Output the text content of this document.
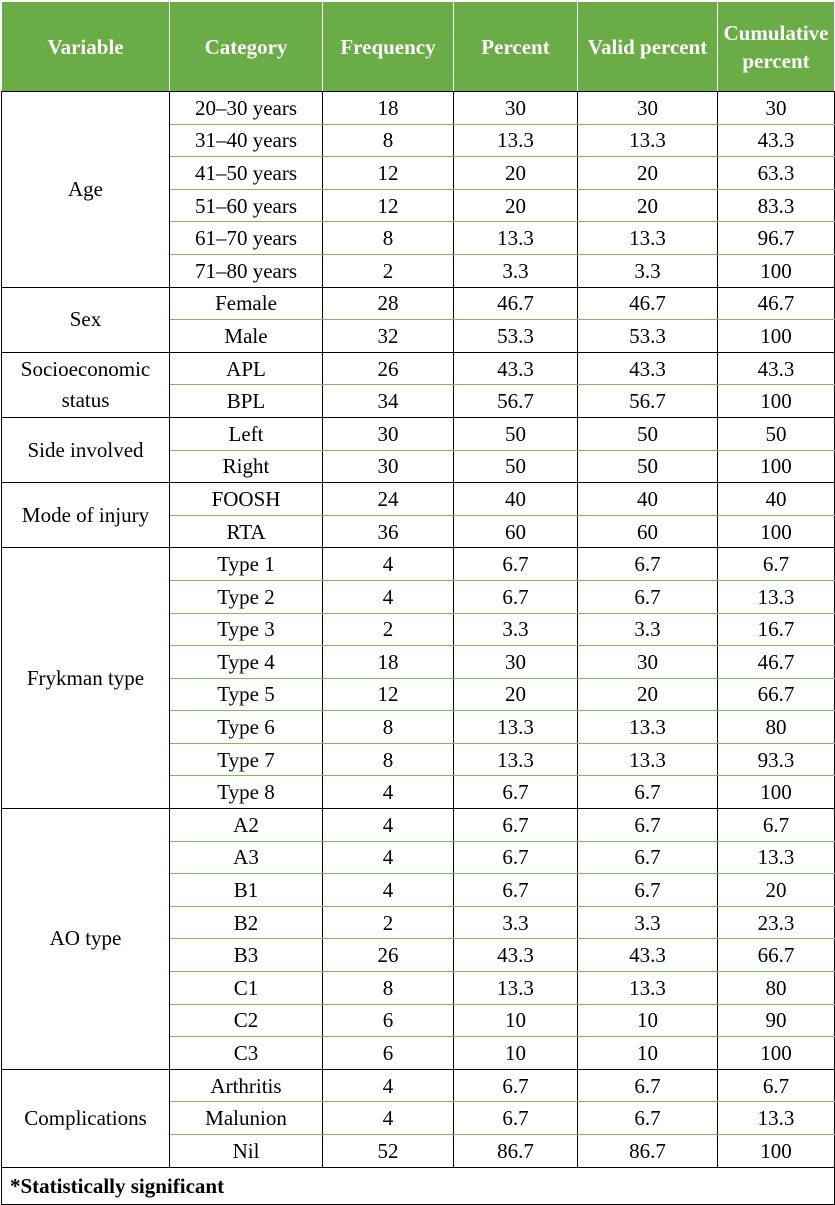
Variable	Category	Frequency	Percent	Valid percent	Cumulative percent
Age	20–30 years	18	30	30	30
	31–40 years	8	13.3	13.3	43.3
	41–50 years	12	20	20	63.3
	51–60 years	12	20	20	83.3
	61–70 years	8	13.3	13.3	96.7
	71–80 years	2	3.3	3.3	100
Sex	Female	28	46.7	46.7	46.7
	Male	32	53.3	53.3	100
Socioeconomic status	APL	26	43.3	43.3	43.3
	BPL	34	56.7	56.7	100
Side involved	Left	30	50	50	50
	Right	30	50	50	100
Mode of injury	FOOSH	24	40	40	40
	RTA	36	60	60	100
Frykman type	Type 1	4	6.7	6.7	6.7
	Type 2	4	6.7	6.7	13.3
	Type 3	2	3.3	3.3	16.7
	Type 4	18	30	30	46.7
	Type 5	12	20	20	66.7
	Type 6	8	13.3	13.3	80
	Type 7	8	13.3	13.3	93.3
	Type 8	4	6.7	6.7	100
AO type	A2	4	6.7	6.7	6.7
	A3	4	6.7	6.7	13.3
	B1	4	6.7	6.7	20
	B2	2	3.3	3.3	23.3
	B3	26	43.3	43.3	66.7
	C1	8	13.3	13.3	80
	C2	6	10	10	90
	C3	6	10	10	100
Complications	Arthritis	4	6.7	6.7	6.7
	Malunion	4	6.7	6.7	13.3
	Nil	52	86.7	86.7	100
*Statistically significant					
